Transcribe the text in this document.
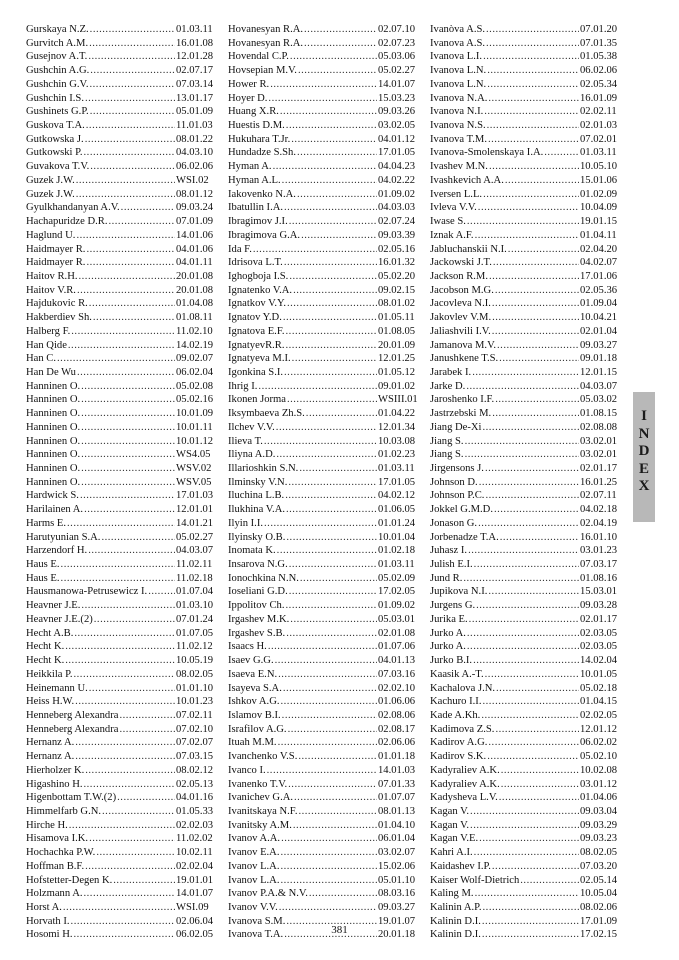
Gurskaya N.Z. .....	01.03.11
Gurvitch A.M. .....	16.01.08
Gusejnov A.T. .....	12.01.28
Gushchin A.G. .....	02.07.17
Gushchin G.V. .....	07.03.14
Gushchin I.S. .....	13.01.17
Gushinets G.P. .....	05.01.09
Guskova T.A. .....	11.01.03
Gutkowska J. .....	08.01.22
Gutkowski P. .....	04.03.10
Guvakova T.V. .....	06.02.06
Guzek J.W. .....	WSI.02
Guzek J.W. .....	08.01.12
Gyulkhandanyan A.V. .....	09.03.24
Hachapuridze D.R. .....	07.01.09
Haglund U. .....	14.01.06
Haidmayer R. .....	04.01.06
Haidmayer R. .....	04.01.11
Haitov R.H. .....	20.01.08
Haitov V.R. .....	20.01.08
Hajdukovic R. .....	01.04.08
Hakberdiev Sh. .....	01.08.11
Halberg F. .....	11.02.10
Han Qide .....	14.02.19
Han C. .....	09.02.07
Han De Wu .....	06.02.04
Hanninen O. .....	05.02.08
Hanninen O. .....	05.02.16
Hanninen O. .....	10.01.09
Hanninen O. .....	10.01.11
Hanninen O. .....	10.01.12
Hanninen O. .....	WS4.05
Hanninen O. .....	WSV.02
Hanninen O. .....	WSV.05
Hardwick S. .....	17.01.03
Harilainen A. .....	12.01.01
Harms E. .....	14.01.21
Harutyunian S.A. .....	05.02.27
Harzendorf H. .....	04.03.07
Haus E. .....	11.02.11
Haus E. .....	11.02.18
Hausmanowa-Petrusewicz I. .....	01.07.04
Heavner J.E. .....	01.03.10
Heavner J.E.(2) .....	07.01.24
Hecht A.B. .....	01.07.05
Hecht K. .....	11.02.12
Hecht K. .....	10.05.19
Heikkila P. .....	08.02.05
Heinemann U. .....	01.01.10
Heiss H.W. .....	10.01.23
Henneberg Alexandra .....	07.02.11
Henneberg Alexandra .....	07.02.10
Hernanz A. .....	07.02.07
Hernanz A. .....	07.03.15
Hierholzer K. .....	08.02.12
Higashino H. .....	02.05.13
Higenbottam T.W.(2) .....	04.01.16
Himmelfarb G.N. .....	01.05.33
Hirche H. .....	02.02.03
Hisamova I.K. .....	11.02.02
Hochachka P.W. .....	10.02.11
Hoffman B.F. .....	02.02.04
Hofstetter-Degen K. .....	19.01.01
Holzmann A. .....	14.01.07
Horst A. .....	WSI.09
Horvath I. .....	02.06.04
Hosomi H. .....	06.02.05
Hovanesyan R.A. .....	02.07.10
Hovanesyan R.A. .....	02.07.23
Hovendal C.P. .....	05.03.06
Hovsepian M.V. .....	05.02.27
Hower R. .....	14.01.07
Hoyer D. .....	15.03.23
Huang X.R. .....	09.03.26
Huestis D.M. .....	03.02.05
Hukuhara T.Jr. .....	04.01.12
Hundadze S.Sh. .....	17.01.05
Hyman A. .....	04.04.23
Hyman A.L. .....	04.02.22
Iakovenko N.A. .....	01.09.02
Ibatullin I.A. .....	04.03.03
Ibragimov J.I. .....	02.07.24
Ibragimova G.A. .....	09.03.39
Ida F. .....	02.05.16
Idrisova L.T. .....	16.01.32
Ighogboja I.S. .....	05.02.20
Ignatenko V.A. .....	09.02.15
Ignatkov V.Y. .....	08.01.02
Ignatov Y.D. .....	01.05.11
Ignatova E.F. .....	01.08.05
IgnatyevR.R. .....	20.01.09
Ignatyeva M.I. .....	12.01.25
Igonkina S.I. .....	01.05.12
Ihrig I. .....	09.01.02
Ikonen Jorma .....	WSIII.01
Iksymbaeva Zh.S. .....	01.04.22
Ilchev V.V. .....	12.01.34
Ilieva T. .....	10.03.08
Iliyna A.D. .....	01.02.23
Illarioshkin S.N. .....	01.03.11
Ilminsky V.N. .....	17.01.05
Iluchina L.B. .....	04.02.12
Ilukhina V.A. .....	01.06.05
Ilyin I.I. .....	01.01.24
Ilyinsky O.B. .....	10.01.04
Inomata K. .....	01.02.18
Insarova N.G. .....	01.03.11
Ionochkina N.N. .....	05.02.09
Ioseliani G.D. .....	17.02.05
Ippolitov Ch. .....	01.09.02
Irgashev M.K. .....	05.03.01
Irgashev S.B. .....	02.01.08
Isaacs H. .....	01.07.06
Isaev G.G. .....	04.01.13
Isaeva E.N. .....	07.03.16
Isayeva S.A. .....	02.02.10
Ishkov A.G. .....	01.06.06
Islamov B.I. .....	02.08.06
Israfilov A.G. .....	02.08.17
Ituah M.M. .....	02.06.06
Ivanchenko V.S. .....	01.01.18
Ivanco I. .....	14.01.03
Ivanenko T.V. .....	07.01.33
Ivanichev G.A. .....	01.07.07
Ivanitskaya N.F. .....	08.01.13
Ivanitsky A.M. .....	01.04.10
Ivanov A.A. .....	06.01.04
Ivanov E.A. .....	03.02.07
Ivanov L.A. .....	15.02.06
Ivanov L.A. .....	05.01.10
Ivanov P.A.& N.V. .....	08.03.16
Ivanov V.V. .....	09.03.27
Ivanova S.M. .....	19.01.07
Ivanova T.A. .....	20.01.18
Ivanòva A.S. .....	07.01.20
Ivanova A.S. .....	07.01.35
Ivanova L.I. .....	01.05.38
Ivanova L.N. .....	06.02.06
Ivanova L.N. .....	02.05.34
Ivanova N.A. .....	16.01.09
Ivanova N.I. .....	02.02.11
Ivanova N.S. .....	02.01.03
Ivanova T.M. .....	07.02.01
Ivanova-Smolenskaya I.A. .....	01.03.11
Ivashev M.N. .....	10.05.10
Ivashkevich A.A. .....	15.01.06
Iversen L.L. .....	01.02.09
Ivleva V.V. .....	10.04.09
Iwase S. .....	19.01.15
Iznak A.F. .....	01.04.11
Jabluchanskii N.I. .....	02.04.20
Jackowski J.T. .....	04.02.07
Jackson R.M. .....	17.01.06
Jacobson M.G. .....	02.05.36
Jacovleva N.I. .....	01.09.04
Jakovlev V.M. .....	10.04.21
Jaliashvili I.V. .....	02.01.04
Jamanova M.V. .....	09.03.27
Janushkene T.S. .....	09.01.18
Jarabek I. .....	12.01.15
Jarke D. .....	04.03.07
Jaroshenko I.F. .....	05.03.02
Jastrzebski M. .....	01.08.15
Jiang De-Xi .....	02.08.08
Jiang S. .....	03.02.01
Jiang S. .....	03.02.01
Jirgensons J. .....	02.01.17
Johnson D. .....	16.01.25
Johnson P.C. .....	02.07.11
Jokkel G.M.D. .....	04.02.18
Jonason G. .....	02.04.19
Jorbenadze T.A. .....	16.01.10
Juhasz I. .....	03.01.23
Julish E.I. .....	07.03.17
Jund R. .....	01.08.16
Jupikova N.I. .....	15.03.01
Jurgens G. .....	09.03.28
Jurika E. .....	02.01.17
Jurko A. .....	02.03.05
Jurko A. .....	02.03.05
Jurko B.I. .....	14.02.04
Kaasik A.-T. .....	10.01.05
Kachalova J.N. .....	05.02.18
Kachuro I.I. .....	01.04.15
Kade A.Kh. .....	02.02.05
Kadimova Z.S. .....	12.01.12
Kadirov A.G. .....	06.02.02
Kadirov S.K. .....	05.02.10
Kadyraliev A.K. .....	10.02.08
Kadyraliev A.K. .....	03.01.12
Kadysheva L.V. .....	01.04.06
Kagan V. .....	09.03.04
Kagan V. .....	09.03.29
Kagan V.E. .....	09.03.23
Kahri A.I. .....	08.02.05
Kaidashev I.P. .....	07.03.20
Kaiser Wolf-Dietrich .....	02.05.14
Kaling M. .....	10.05.04
Kalinin A.P. .....	08.02.06
Kalinin D.I. .....	17.01.09
Kalinin D.I. .....	17.02.15
I
N
D
E
X
381
